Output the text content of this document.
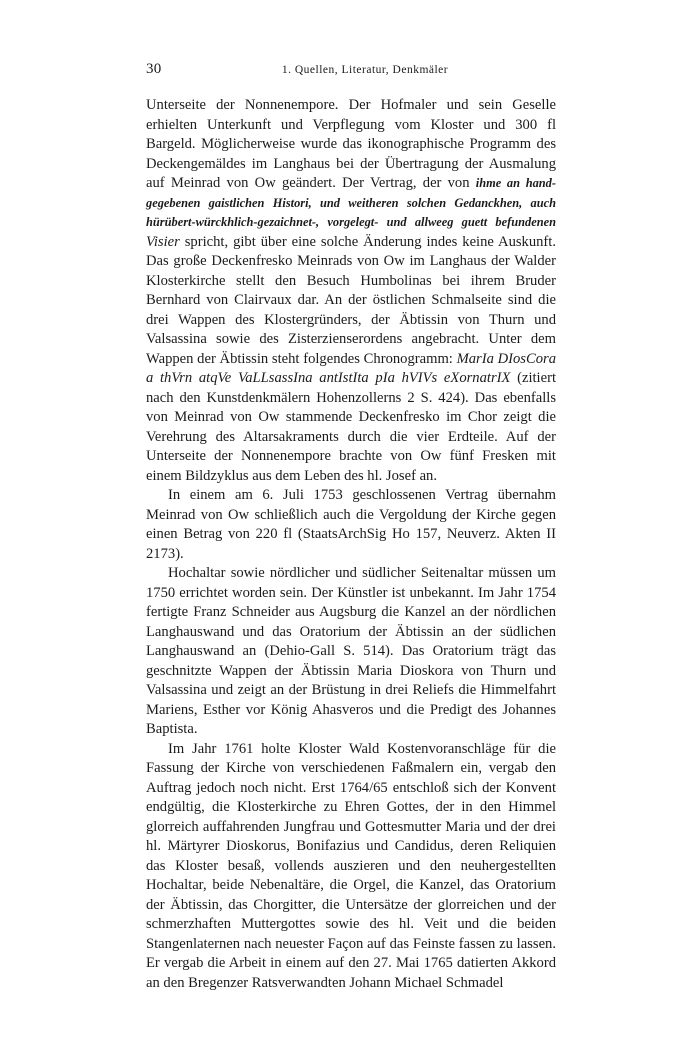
30	1. Quellen, Literatur, Denkmäler

Unterseite der Nonnenempore. Der Hofmaler und sein Geselle erhielten Unterkunft und Verpflegung vom Kloster und 300 fl Bargeld. Möglicherweise wurde das ikonographische Programm des Deckengemäldes im Langhaus bei der Übertragung der Ausmalung auf Meinrad von Ow geändert. Der Vertrag, der von ihme an hand-gegebenen gaistlichen Histori, und weitheren solchen Gedanckhen, auch hürübert-würckhlich-gezaichnet-, vorgelegt- und allweeg guett befundenen Visier spricht, gibt über eine solche Änderung indes keine Auskunft. Das große Deckenfresko Meinrads von Ow im Langhaus der Walder Klosterkirche stellt den Besuch Humbolinas bei ihrem Bruder Bernhard von Clairvaux dar. An der östlichen Schmalseite sind die drei Wappen des Klostergründers, der Äbtissin von Thurn und Valsassina sowie des Zisterzienserordens angebracht. Unter dem Wappen der Äbtissin steht folgendes Chronogramm: MarIa DIosCora a thVrn atqVe VaLLsassIna antIstIta pIa hVIVs eXornatrIX (zitiert nach den Kunstdenkmälern Hohenzollerns 2 S. 424). Das ebenfalls von Meinrad von Ow stammende Deckenfresko im Chor zeigt die Verehrung des Altarsakraments durch die vier Erdteile. Auf der Unterseite der Nonnenempore brachte von Ow fünf Fresken mit einem Bildzyklus aus dem Leben des hl. Josef an.

In einem am 6. Juli 1753 geschlossenen Vertrag übernahm Meinrad von Ow schließlich auch die Vergoldung der Kirche gegen einen Betrag von 220 fl (StaatsArchSig Ho 157, Neuverz. Akten II 2173).

Hochaltar sowie nördlicher und südlicher Seitenaltar müssen um 1750 errichtet worden sein. Der Künstler ist unbekannt. Im Jahr 1754 fertigte Franz Schneider aus Augsburg die Kanzel an der nördlichen Langhauswand und das Oratorium der Äbtissin an der südlichen Langhauswand an (Dehio-Gall S. 514). Das Oratorium trägt das geschnitzte Wappen der Äbtissin Maria Dioskora von Thurn und Valsassina und zeigt an der Brüstung in drei Reliefs die Himmelfahrt Mariens, Esther vor König Ahasveros und die Predigt des Johannes Baptista.

Im Jahr 1761 holte Kloster Wald Kostenvoranschläge für die Fassung der Kirche von verschiedenen Faßmalern ein, vergab den Auftrag jedoch noch nicht. Erst 1764/65 entschloß sich der Konvent endgültig, die Klosterkirche zu Ehren Gottes, der in den Himmel glorreich auffahrenden Jungfrau und Gottesmutter Maria und der drei hl. Märtyrer Dioskorus, Bonifazius und Candidus, deren Reliquien das Kloster besaß, vollends auszieren und den neuhergestellten Hochaltar, beide Nebenaltäre, die Orgel, die Kanzel, das Oratorium der Äbtissin, das Chorgitter, die Untersätze der glorreichen und der schmerzhaften Muttergottes sowie des hl. Veit und die beiden Stangenlaternen nach neuester Façon auf das Feinste fassen zu lassen. Er vergab die Arbeit in einem auf den 27. Mai 1765 datierten Akkord an den Bregenzer Ratsverwandten Johann Michael Schmadel
